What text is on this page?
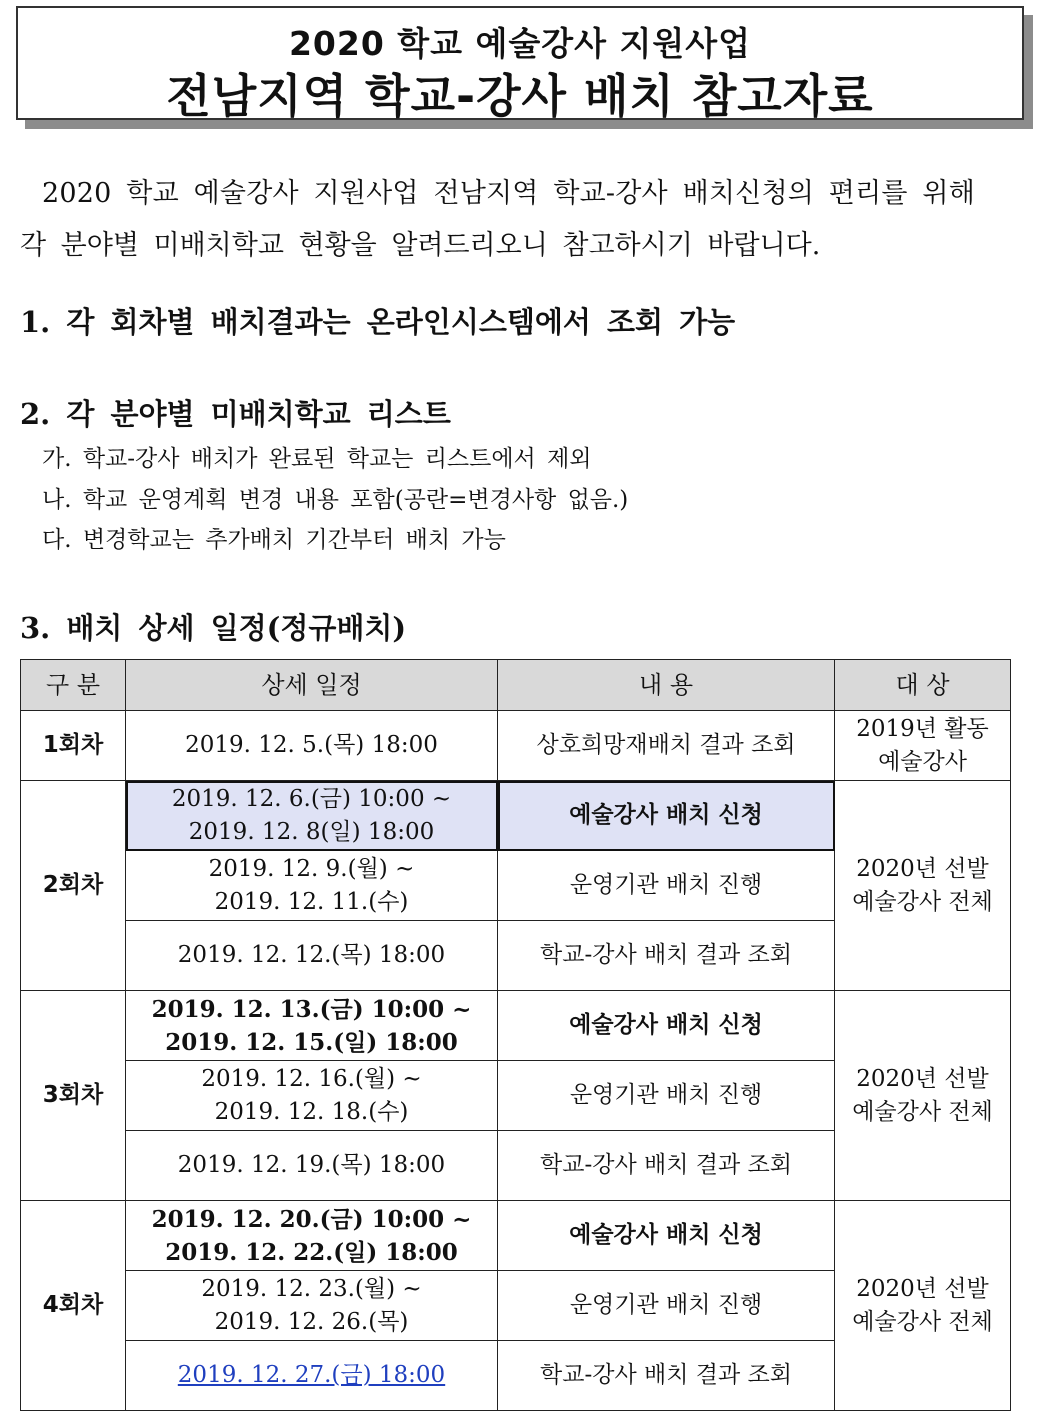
2020 학교 예술강사 지원사업
전남지역 학교-강사 배치 참고자료

2020 학교 예술강사 지원사업 전남지역 학교-강사 배치신청의 편리를 위해

각 분야별 미배치학교 현황을 알려드리오니 참고하시기 바랍니다.

1. 각 회차별 배치결과는 온라인시스템에서 조회 가능
2. 각 분야별 미배치학교 리스트
가. 학교-강사 배치가 완료된 학교는 리스트에서 제외
나. 학교 운영계획 변경 내용 포함(공란=변경사항 없음.)
다. 변경학교는 추가배치 기간부터 배치 가능
3. 배치 상세 일정(정규배치)
구 분	상세 일정	내 용	대 상
1회차	2019. 12. 5.(목) 18:00	상호희망재배치 결과 조회	2019년 활동
예술강사
2회차	2019. 12. 6.(금) 10:00 ~
2019. 12. 8(일) 18:00	예술강사 배치 신청	2020년 선발
예술강사 전체
	2019. 12. 9.(월) ~
2019. 12. 11.(수)	운영기관 배치 진행	
	2019. 12. 12.(목) 18:00	학교-강사 배치 결과 조회	
3회차	2019. 12. 13.(금) 10:00 ~
2019. 12. 15.(일) 18:00	예술강사 배치 신청	2020년 선발
예술강사 전체
	2019. 12. 16.(월) ~
2019. 12. 18.(수)	운영기관 배치 진행	
	2019. 12. 19.(목) 18:00	학교-강사 배치 결과 조회	
4회차	2019. 12. 20.(금) 10:00 ~
2019. 12. 22.(일) 18:00	예술강사 배치 신청	2020년 선발
예술강사 전체
	2019. 12. 23.(월) ~
2019. 12. 26.(목)	운영기관 배치 진행	
	2019. 12. 27.(금) 18:00	학교-강사 배치 결과 조회	
